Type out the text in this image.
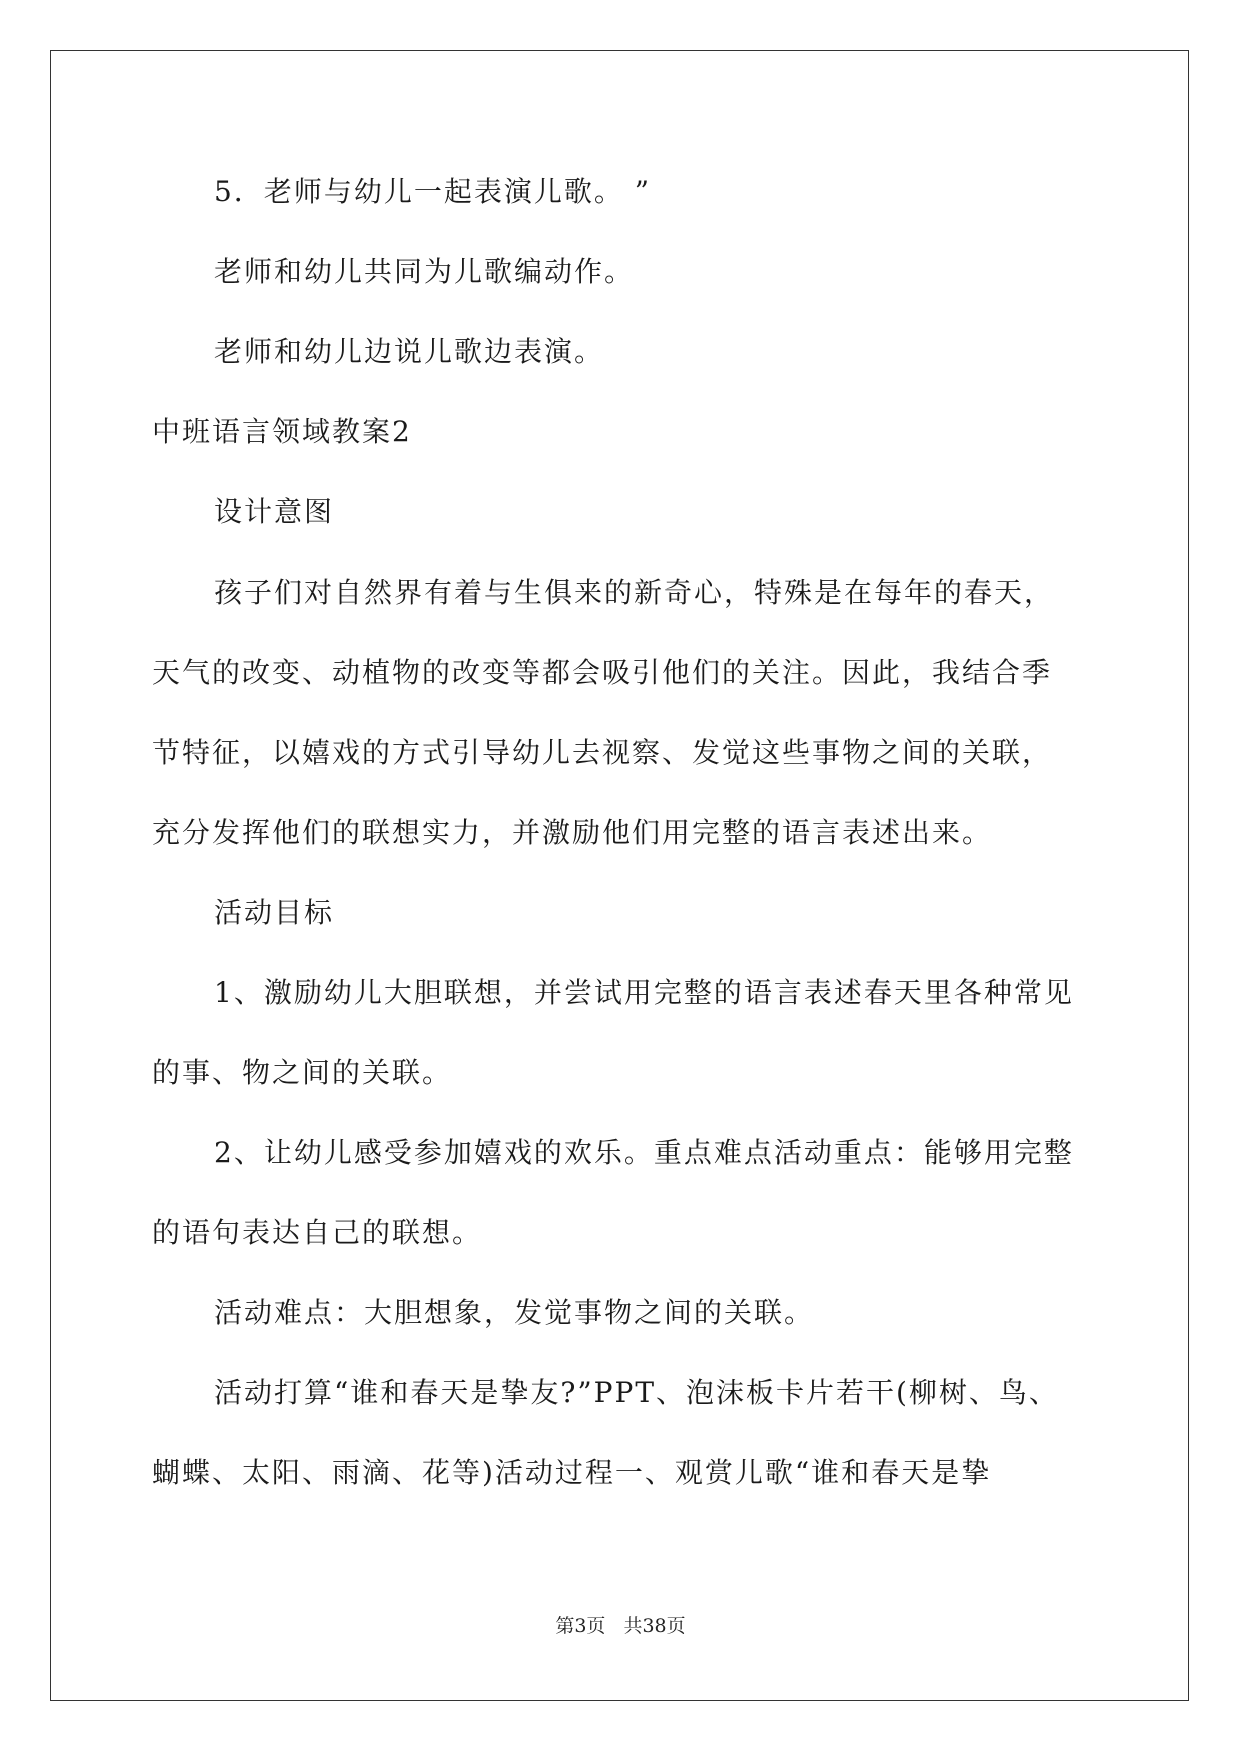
5．老师与幼儿一起表演儿歌。 ”
老师和幼儿共同为儿歌编动作。
老师和幼儿边说儿歌边表演。
中班语言领域教案2
设计意图
孩子们对自然界有着与生俱来的新奇心，特殊是在每年的春天，
天气的改变、动植物的改变等都会吸引他们的关注。因此，我结合季
节特征，以嬉戏的方式引导幼儿去视察、发觉这些事物之间的关联，
充分发挥他们的联想实力，并激励他们用完整的语言表述出来。
活动目标
1、激励幼儿大胆联想，并尝试用完整的语言表述春天里各种常见
的事、物之间的关联。
2、让幼儿感受参加嬉戏的欢乐。重点难点活动重点：能够用完整
的语句表达自己的联想。
活动难点：大胆想象，发觉事物之间的关联。
活动打算“谁和春天是挚友?”PPT、泡沫板卡片若干(柳树、鸟、
蝴蝶、太阳、雨滴、花等)活动过程一、观赏儿歌“谁和春天是挚
第3页 共38页
